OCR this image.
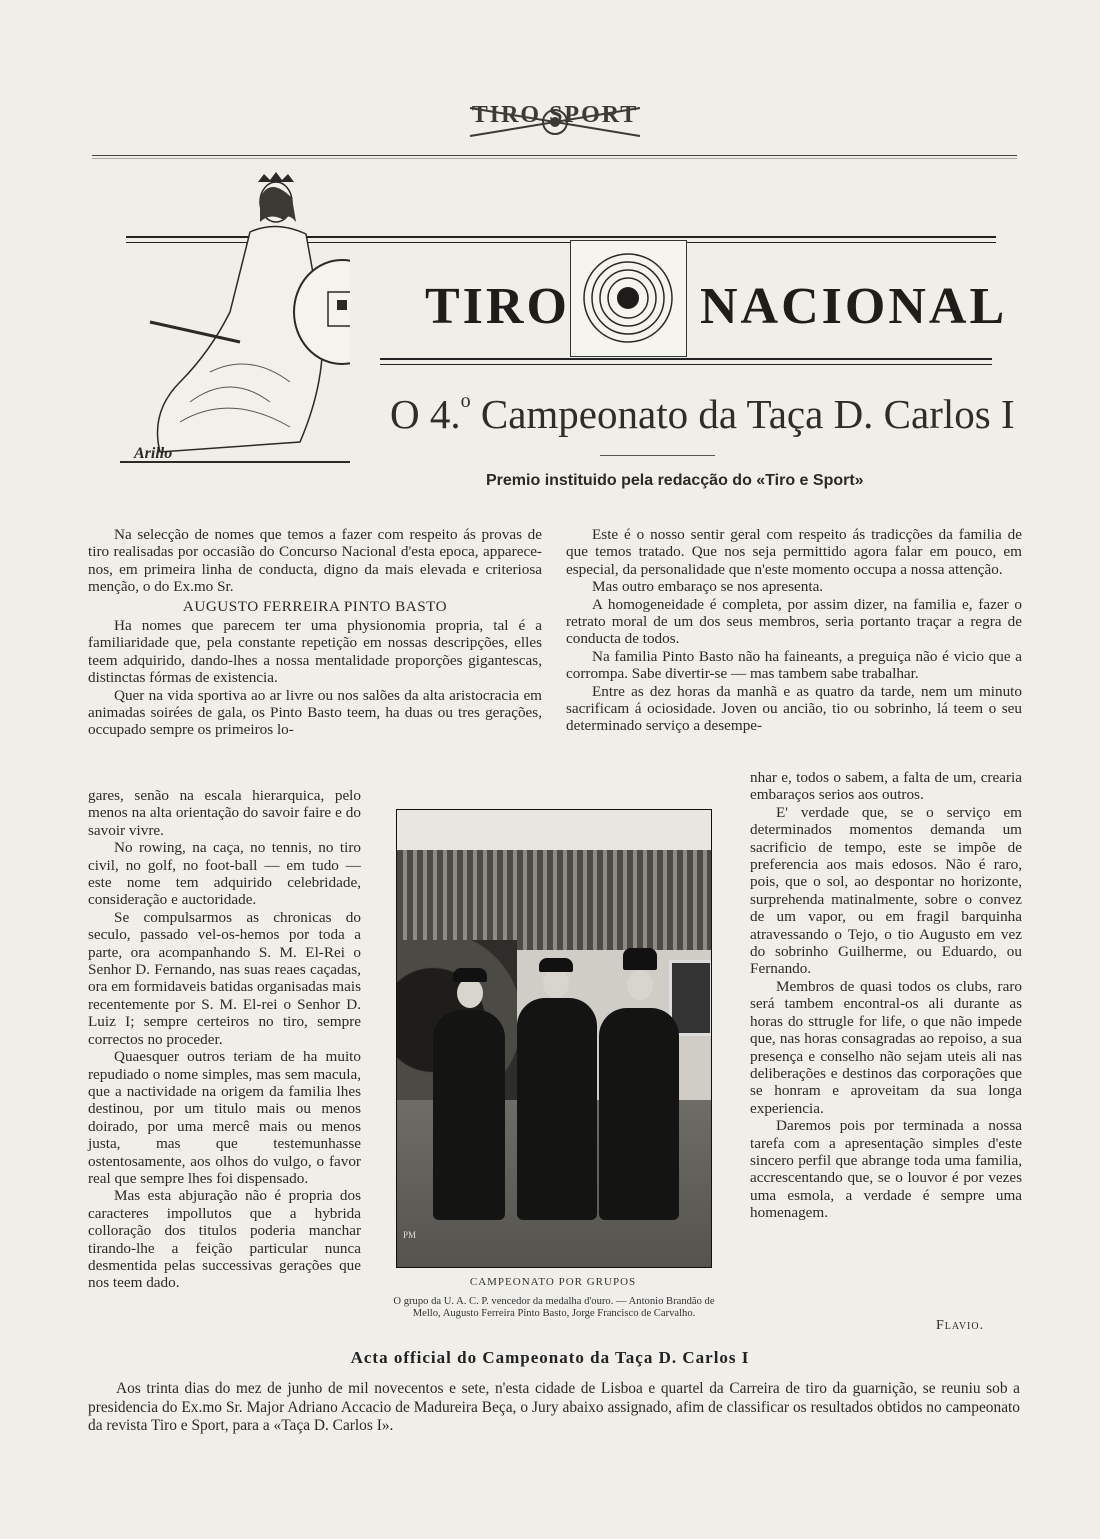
TIRO SPORT
Arillo
TIRO	NACIONAL
O 4.$^o$ Campeonato da Taça D. Carlos I
Premio instituido pela redacção do «Tiro e Sport»

Na selecção de nomes que temos a fazer com respeito ás provas de tiro realisadas por occasião do Concurso Nacional d'esta epoca, apparece-nos, em primeira linha de conducta, digno da mais elevada e criteriosa menção, o do Ex.mo Sr.

AUGUSTO FERREIRA PINTO BASTO

Ha nomes que parecem ter uma physionomia propria, tal é a familiaridade que, pela constante repetição em nossas descripções, elles teem adquirido, dando-lhes a nossa mentalidade proporções gigantescas, distinctas fórmas de existencia.

Quer na vida sportiva ao ar livre ou nos salões da alta aristocracia em animadas soirées de gala, os Pinto Basto teem, ha duas ou tres gerações, occupado sempre os primeiros lo-

gares, senão na escala hierarquica, pelo menos na alta orientação do savoir faire e do savoir vivre.

No rowing, na caça, no tennis, no tiro civil, no golf, no foot-ball — em tudo — este nome tem adquirido celebridade, consideração e auctoridade.

Se compulsarmos as chronicas do seculo, passado vel-os-hemos por toda a parte, ora acompanhando S. M. El-Rei o Senhor D. Fernando, nas suas reaes caçadas, ora em formidaveis batidas organisadas mais recentemente por S. M. El-rei o Senhor D. Luiz I; sempre certeiros no tiro, sempre correctos no proceder.

Quaesquer outros teriam de ha muito repudiado o nome simples, mas sem macula, que a nactividade na origem da familia lhes destinou, por um titulo mais ou menos doirado, por uma mercê mais ou menos justa, mas que testemunhasse ostentosamente, aos olhos do vulgo, o favor real que sempre lhes foi dispensado.

Mas esta abjuração não é propria dos caracteres impollutos que a hybrida colloração dos titulos poderia manchar tirando-lhe a feição particular nunca desmentida pelas successivas gerações que nos teem dado.

Este é o nosso sentir geral com respeito ás tradicções da familia de que temos tratado. Que nos seja permittido agora falar em pouco, em especial, da personalidade que n'este momento occupa a nossa attenção.

Mas outro embaraço se nos apresenta.

A homogeneidade é completa, por assim dizer, na familia e, fazer o retrato moral de um dos seus membros, seria portanto traçar a regra de conducta de todos.

Na familia Pinto Basto não ha faineants, a preguiça não é vicio que a corrompa. Sabe divertir-se — mas tambem sabe trabalhar.

Entre as dez horas da manhã e as quatro da tarde, nem um minuto sacrificam á ociosidade. Joven ou ancião, tio ou sobrinho, lá teem o seu determinado serviço a desempe-

nhar e, todos o sabem, a falta de um, crearia embaraços serios aos outros.

E' verdade que, se o serviço em determinados momentos demanda um sacrificio de tempo, este se impõe de preferencia aos mais edosos. Não é raro, pois, que o sol, ao despontar no horizonte, surprehenda matinalmente, sobre o convez de um vapor, ou em fragil barquinha atravessando o Tejo, o tio Augusto em vez do sobrinho Guilherme, ou Eduardo, ou Fernando.

Membros de quasi todos os clubs, raro será tambem encontral-os ali durante as horas do sttrugle for life, o que não impede que, nas horas consagradas ao repoiso, a sua presença e conselho não sejam uteis ali nas deliberações e destinos das corporações que se honram e aproveitam da sua longa experiencia.

Daremos pois por terminada a nossa tarefa com a apresentação simples d'este sincero perfil que abrange toda uma familia, accrescentando que, se o louvor é por vezes uma esmola, a verdade é sempre uma homenagem.

Flavio.
PM
CAMPEONATO POR GRUPOS
O grupo da U. A. C. P. vencedor da medalha d'ouro. — Antonio Brandão de Mello, Augusto Ferreira Pinto Basto, Jorge Francisco de Carvalho.
Acta official do Campeonato da Taça D. Carlos I

Aos trinta dias do mez de junho de mil novecentos e sete, n'esta cidade de Lisboa e quartel da Carreira de tiro da guarnição, se reuniu sob a presidencia do Ex.mo Sr. Major Adriano Accacio de Madureira Beça, o Jury abaixo assignado, afim de classificar os resultados obtidos no campeonato da revista Tiro e Sport, para a «Taça D. Carlos I».
